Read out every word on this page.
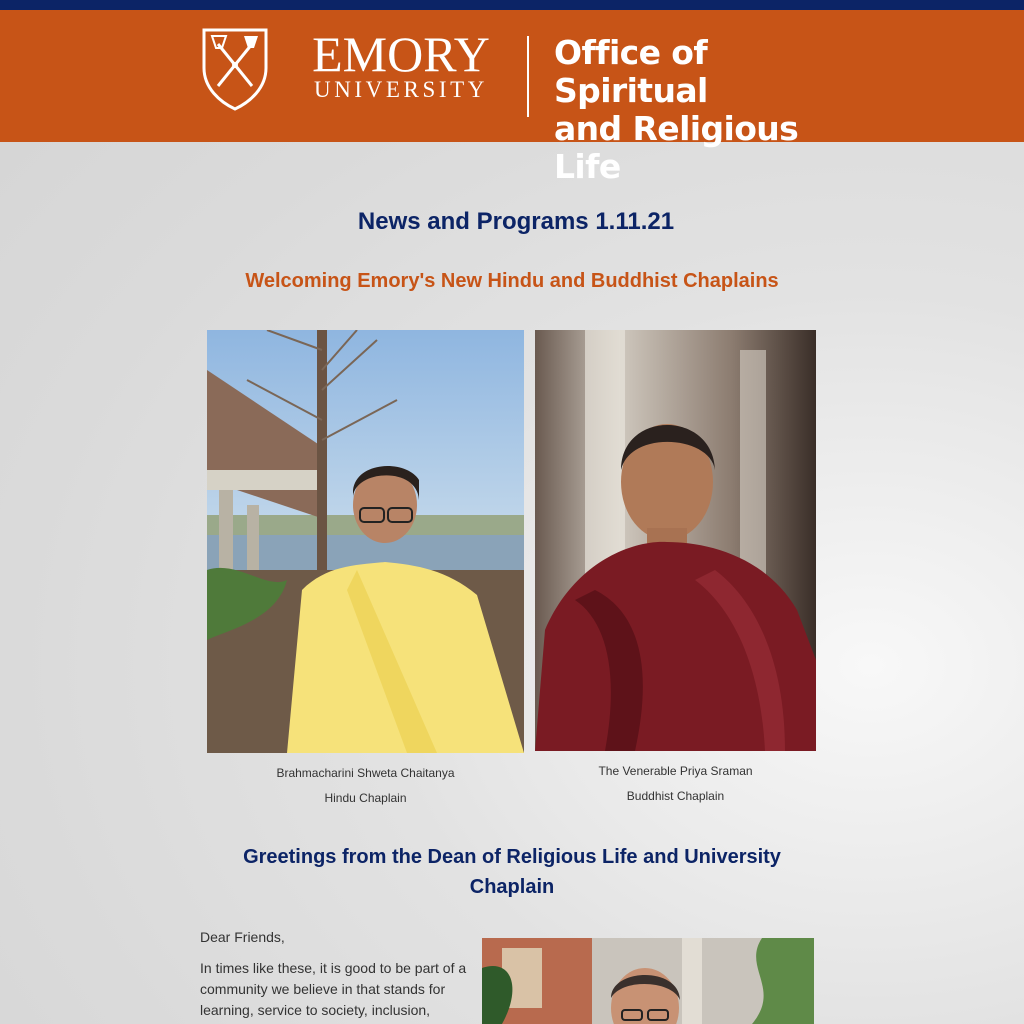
EMORY
UNIVERSITY
Office of Spiritual
and Religious Life
News and Programs 1.11.21
Welcoming Emory's New Hindu and Buddhist Chaplains
Brahmacharini Shweta Chaitanya
Hindu Chaplain
The Venerable Priya Sraman
Buddhist Chaplain
Greetings from the Dean of Religious Life and University Chaplain

Dear Friends,

In times like these, it is good to be part of a community we believe in that stands for learning, service to society, inclusion,
